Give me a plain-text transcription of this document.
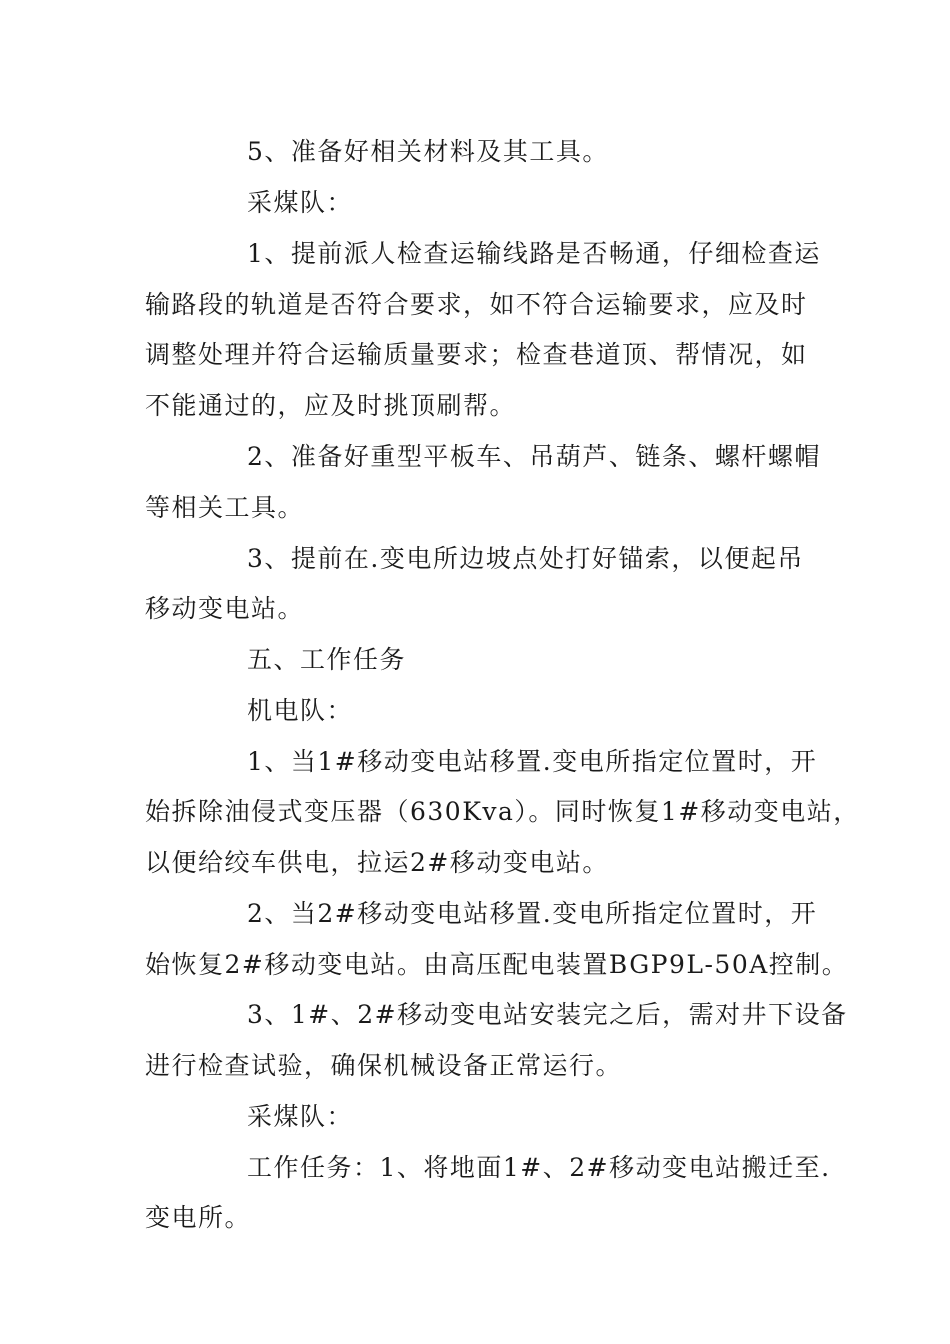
5、准备好相关材料及其工具。
采煤队：
1、提前派人检查运输线路是否畅通，仔细检查运
输路段的轨道是否符合要求，如不符合运输要求，应及时
调整处理并符合运输质量要求；检查巷道顶、帮情况，如
不能通过的，应及时挑顶刷帮。
2、准备好重型平板车、吊葫芦、链条、螺杆螺帽
等相关工具。
3、提前在.变电所边坡点处打好锚索，以便起吊
移动变电站。
五、工作任务
机电队：
1、当1#移动变电站移置.变电所指定位置时，开
始拆除油侵式变压器（630Kva）。同时恢复1#移动变电站，
以便给绞车供电，拉运2#移动变电站。
2、当2#移动变电站移置.变电所指定位置时，开
始恢复2#移动变电站。由高压配电装置BGP9L-50A控制。
3、1#、2#移动变电站安装完之后，需对井下设备
进行检查试验，确保机械设备正常运行。
采煤队：
工作任务：1、将地面1#、2#移动变电站搬迁至.
变电所。
